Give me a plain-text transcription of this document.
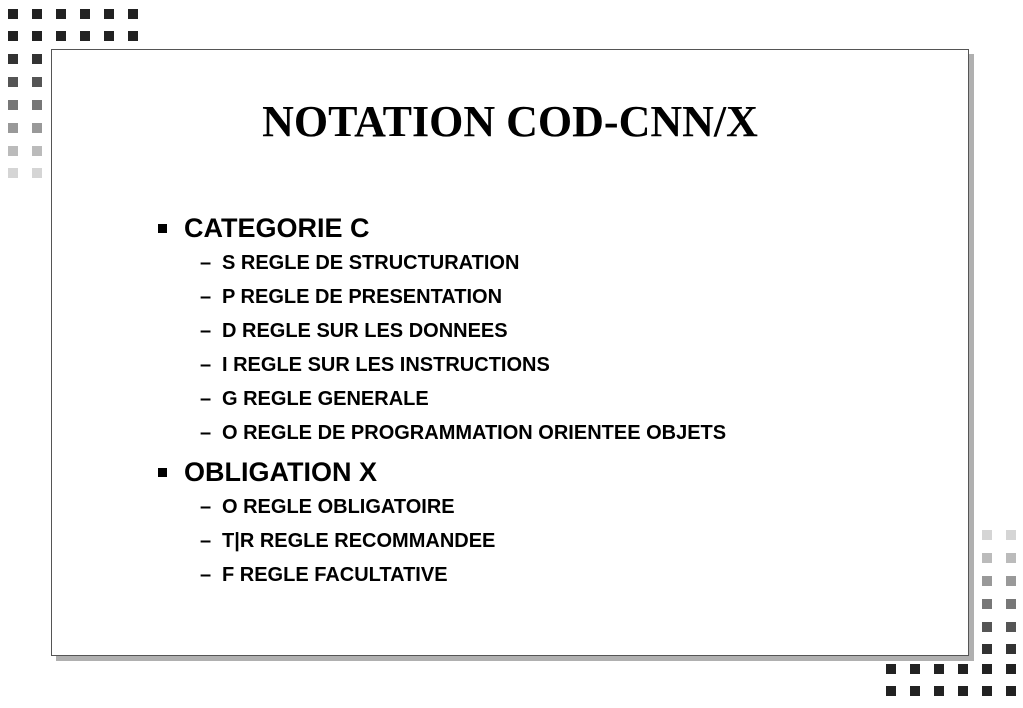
NOTATION COD-CNN/X
CATEGORIE C
– S REGLE DE STRUCTURATION
– P REGLE DE PRESENTATION
– D REGLE SUR LES DONNEES
– I REGLE SUR LES INSTRUCTIONS
– G REGLE GENERALE
– O REGLE DE PROGRAMMATION ORIENTEE OBJETS
OBLIGATION X
– O REGLE OBLIGATOIRE
– T|R REGLE RECOMMANDEE
– F REGLE FACULTATIVE
